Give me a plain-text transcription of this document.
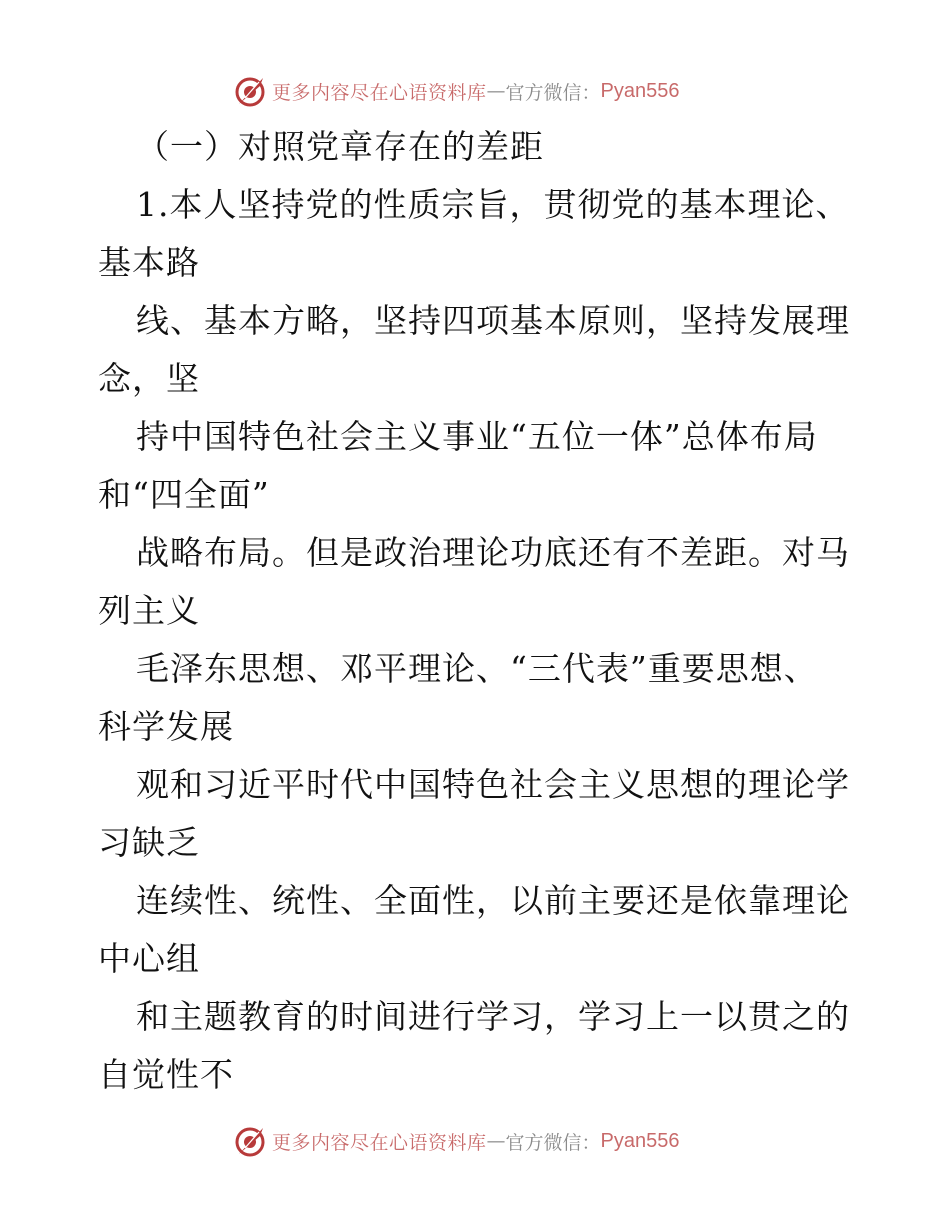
更多内容尽在心语资料库 — 官方微信： Pyan556
（一）对照党章存在的差距
1.本人坚持党的性质宗旨，贯彻党的基本理论、
基本路
线、基本方略，坚持四项基本原则，坚持发展理
念，坚
持中国特色社会主义事业“五位一体”总体布局
和“四全面”
战略布局。但是政治理论功底还有不差距。对马
列主义
毛泽东思想、邓平理论、“三代表”重要思想、
科学发展
观和习近平时代中国特色社会主义思想的理论学
习缺乏
连续性、统性、全面性，以前主要还是依靠理论
中心组
和主题教育的时间进行学习，学习上一以贯之的
自觉性不
更多内容尽在心语资料库 — 官方微信： Pyan556
